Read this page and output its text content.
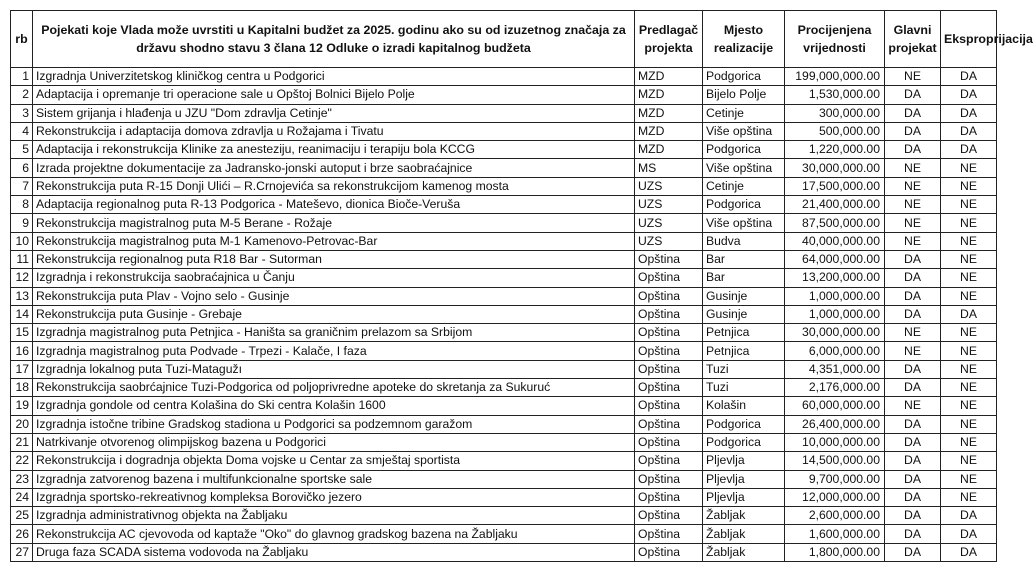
rb	Pojekati koje Vlada može uvrstiti u Kapitalni budžet za 2025. godinu ako su od izuzetnog značaja za državu shodno stavu 3 člana 12 Odluke o izradi kapitalnog budžeta	Predlagač projekta	Mjesto realizacije	Procijenjena vrijednosti	Glavni projekat	Eksproprijacija
1	Izgradnja Univerzitetskog kliničkog centra u Podgorici	MZD	Podgorica	199,000,000.00	NE	DA
2	Adaptacija i opremanje tri operacione sale u Opštoj Bolnici Bijelo Polje	MZD	Bijelo Polje	1,530,000.00	DA	DA
3	Sistem grijanja i hlađenja u JZU "Dom zdravlja Cetinje"	MZD	Cetinje	300,000.00	DA	DA
4	Rekonstrukcija i adaptacija domova zdravlja u Rožajama i Tivatu	MZD	Više opština	500,000.00	DA	DA
5	Adaptacija i rekonstrukcija Klinike za anesteziju, reanimaciju i terapiju bola KCCG	MZD	Podgorica	1,220,000.00	DA	DA
6	Izrada projektne dokumentacije za Jadransko-jonski autoput i brze saobraćajnice	MS	Više opština	30,000,000.00	NE	NE
7	Rekonstrukcija puta R-15 Donji Ulići – R.Crnojevića sa rekonstrukcijom kamenog mosta	UZS	Cetinje	17,500,000.00	NE	NE
8	Adaptacija regionalnog puta R-13 Podgorica - Mateševo, dionica Bioče-Veruša	UZS	Podgorica	21,400,000.00	NE	NE
9	Rekonstrukcija magistralnog puta M-5 Berane - Rožaje	UZS	Više opština	87,500,000.00	NE	NE
10	Rekonstrukcija magistralnog puta M-1 Kamenovo-Petrovac-Bar	UZS	Budva	40,000,000.00	NE	NE
11	Rekonstrukcija regionalnog puta R18 Bar - Sutorman	Opština	Bar	64,000,000.00	DA	NE
12	Izgradnja i rekonstrukcija saobraćajnica u Čanju	Opština	Bar	13,200,000.00	DA	NE
13	Rekonstrukcija puta Plav - Vojno selo - Gusinje	Opština	Gusinje	1,000,000.00	DA	NE
14	Rekonstrukcija puta Gusinje - Grebaje	Opština	Gusinje	1,000,000.00	DA	DA
15	Izgradnja magistralnog puta Petnjica - Haništa sa graničnim prelazom sa Srbijom	Opština	Petnjica	30,000,000.00	NE	NE
16	Izgradnja magistralnog puta Podvade - Trpezi - Kalače, I faza	Opština	Petnjica	6,000,000.00	NE	NE
17	Izgradnja lokalnog puta Tuzi-Matagužı	Opština	Tuzi	4,351,000.00	DA	NE
18	Rekonstrukcija saobrćajnice Tuzi-Podgorica od poljoprivredne apoteke do skretanja za Sukuruć	Opština	Tuzi	2,176,000.00	DA	NE
19	Izgradnja gondole od centra Kolašina do Ski centra Kolašin 1600	Opština	Kolašin	60,000,000.00	NE	NE
20	Izgradnja istočne tribine Gradskog stadiona u Podgorici sa podzemnom garažom	Opština	Podgorica	26,400,000.00	DA	NE
21	Natrkivanje otvorenog olimpijskog bazena u Podgorici	Opština	Podgorica	10,000,000.00	DA	NE
22	Rekonstrukcija i dogradnja objekta Doma vojske u Centar za smještaj sportista	Opština	Pljevlja	14,500,000.00	DA	NE
23	Izgradnja zatvorenog bazena i multifunkcionalne sportske sale	Opština	Pljevlja	9,700,000.00	DA	NE
24	Izgradnja sportsko-rekreativnog kompleksa Borovičko jezero	Opština	Pljevlja	12,000,000.00	DA	NE
25	Izgradnja administrativnog objekta na Žabljaku	Opština	Žabljak	2,600,000.00	DA	DA
26	Rekonstrukcija AC cjevovoda od kaptaže "Oko" do glavnog gradskog bazena na Žabljaku	Opština	Žabljak	1,600,000.00	DA	DA
27	Druga faza SCADA sistema vodovoda na Žabljaku	Opština	Žabljak	1,800,000.00	DA	DA
